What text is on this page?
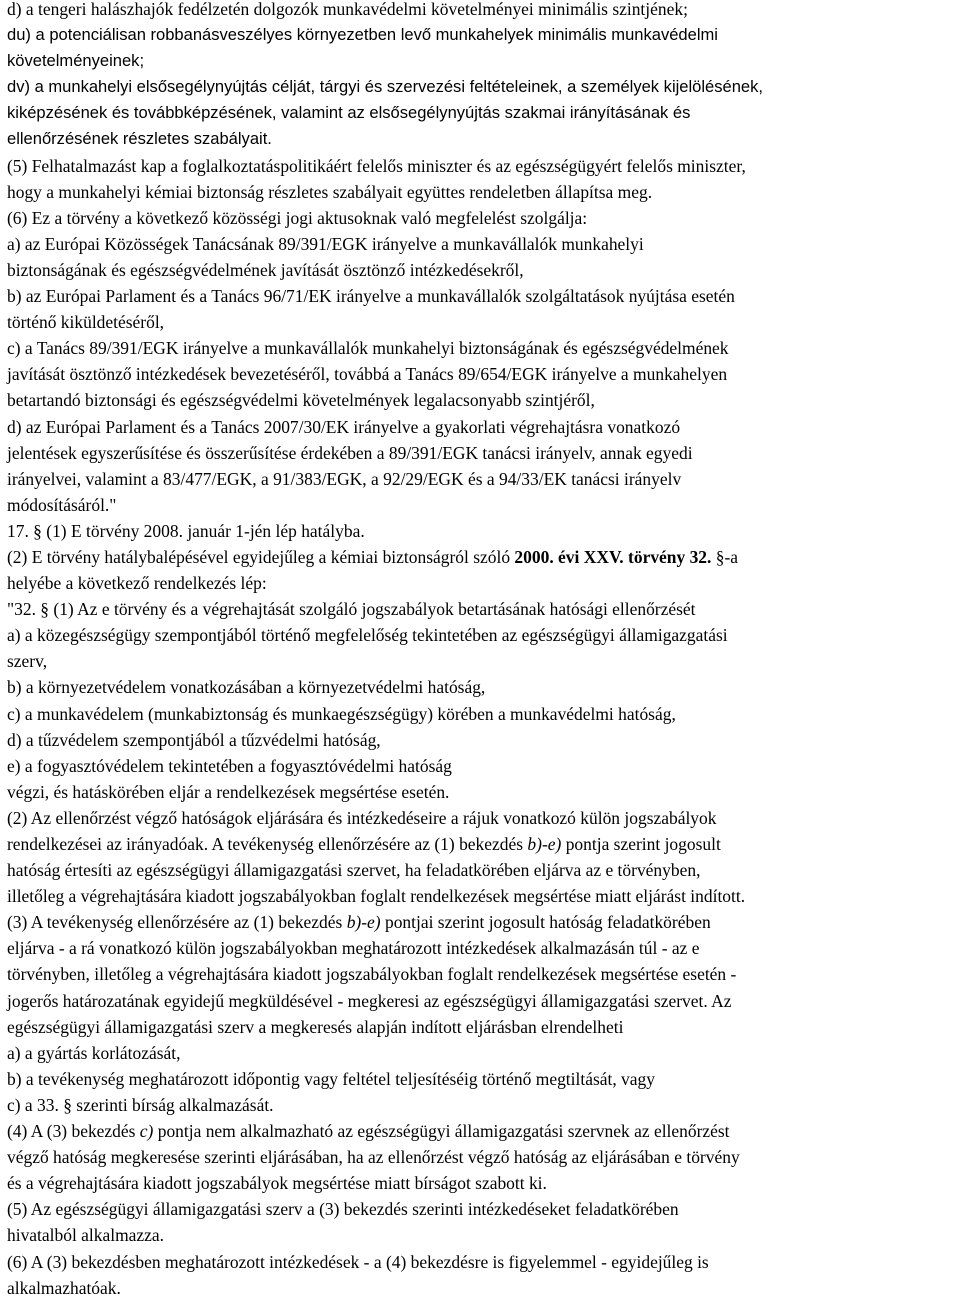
d) a tengeri halászhajók fedélzetén dolgozók munkavédelmi követelményei minimális szintjének;
du) a potenciálisan robbanásveszélyes környezetben levő munkahelyek minimális munkavédelmi
követelményeinek;
dv) a munkahelyi elsősegélynyújtás célját, tárgyi és szervezési feltételeinek, a személyek kijelölésének,
kiképzésének és továbbképzésének, valamint az elsősegélynyújtás szakmai irányításának és
ellenőrzésének részletes szabályait.
(5) Felhatalmazást kap a foglalkoztatáspolitikáért felelős miniszter és az egészségügyért felelős miniszter,
hogy a munkahelyi kémiai biztonság részletes szabályait együttes rendeletben állapítsa meg.
(6) Ez a törvény a következő közösségi jogi aktusoknak való megfelelést szolgálja:
a) az Európai Közösségek Tanácsának 89/391/EGK irányelve a munkavállalók munkahelyi
biztonságának és egészségvédelmének javítását ösztönző intézkedésekről,
b) az Európai Parlament és a Tanács 96/71/EK irányelve a munkavállalók szolgáltatások nyújtása esetén
történő kiküldetéséről,
c) a Tanács 89/391/EGK irányelve a munkavállalók munkahelyi biztonságának és egészségvédelmének
javítását ösztönző intézkedések bevezetéséről, továbbá a Tanács 89/654/EGK irányelve a munkahelyen
betartandó biztonsági és egészségvédelmi követelmények legalacsonyabb szintjéről,
d) az Európai Parlament és a Tanács 2007/30/EK irányelve a gyakorlati végrehajtásra vonatkozó
jelentések egyszerűsítése és összerűsítése érdekében a 89/391/EGK tanácsi irányelv, annak egyedi
irányelvei, valamint a 83/477/EGK, a 91/383/EGK, a 92/29/EGK és a 94/33/EK tanácsi irányelv
módosításáról."
17. § (1) E törvény 2008. január 1-jén lép hatályba.
(2) E törvény hatálybalépésével egyidejűleg a kémiai biztonságról szóló 2000. évi XXV. törvény 32. §-a
helyébe a következő rendelkezés lép:
"32. § (1) Az e törvény és a végrehajtását szolgáló jogszabályok betartásának hatósági ellenőrzését
a) a közegészségügy szempontjából történő megfelelőség tekintetében az egészségügyi államigazgatási
szerv,
b) a környezetvédelem vonatkozásában a környezetvédelmi hatóság,
c) a munkavédelem (munkabiztonság és munkaegészségügy) körében a munkavédelmi hatóság,
d) a tűzvédelem szempontjából a tűzvédelmi hatóság,
e) a fogyasztóvédelem tekintetében a fogyasztóvédelmi hatóság
végzi, és hatáskörében eljár a rendelkezések megsértése esetén.
(2) Az ellenőrzést végző hatóságok eljárására és intézkedéseire a rájuk vonatkozó külön jogszabályok
rendelkezései az irányadóak. A tevékenység ellenőrzésére az (1) bekezdés b)-e) pontja szerint jogosult
hatóság értesíti az egészségügyi államigazgatási szervet, ha feladatkörében eljárva az e törvényben,
illetőleg a végrehajtására kiadott jogszabályokban foglalt rendelkezések megsértése miatt eljárást indított.
(3) A tevékenység ellenőrzésére az (1) bekezdés b)-e) pontjai szerint jogosult hatóság feladatkörében
eljárva - a rá vonatkozó külön jogszabályokban meghatározott intézkedések alkalmazásán túl - az e
törvényben, illetőleg a végrehajtására kiadott jogszabályokban foglalt rendelkezések megsértése esetén -
jogerős határozatának egyidejű megküldésével - megkeresi az egészségügyi államigazgatási szervet. Az
egészségügyi államigazgatási szerv a megkeresés alapján indított eljárásban elrendelheti
a) a gyártás korlátozását,
b) a tevékenység meghatározott időpontig vagy feltétel teljesítéséig történő megtiltását, vagy
c) a 33. § szerinti bírság alkalmazását.
(4) A (3) bekezdés c) pontja nem alkalmazható az egészségügyi államigazgatási szervnek az ellenőrzést
végző hatóság megkeresése szerinti eljárásában, ha az ellenőrzést végző hatóság az eljárásában e törvény
és a végrehajtására kiadott jogszabályok megsértése miatt bírságot szabott ki.
(5) Az egészségügyi államigazgatási szerv a (3) bekezdés szerinti intézkedéseket feladatkörében
hivatalból alkalmazza.
(6) A (3) bekezdésben meghatározott intézkedések - a (4) bekezdésre is figyelemmel - egyidejűleg is
alkalmazhatóak.
